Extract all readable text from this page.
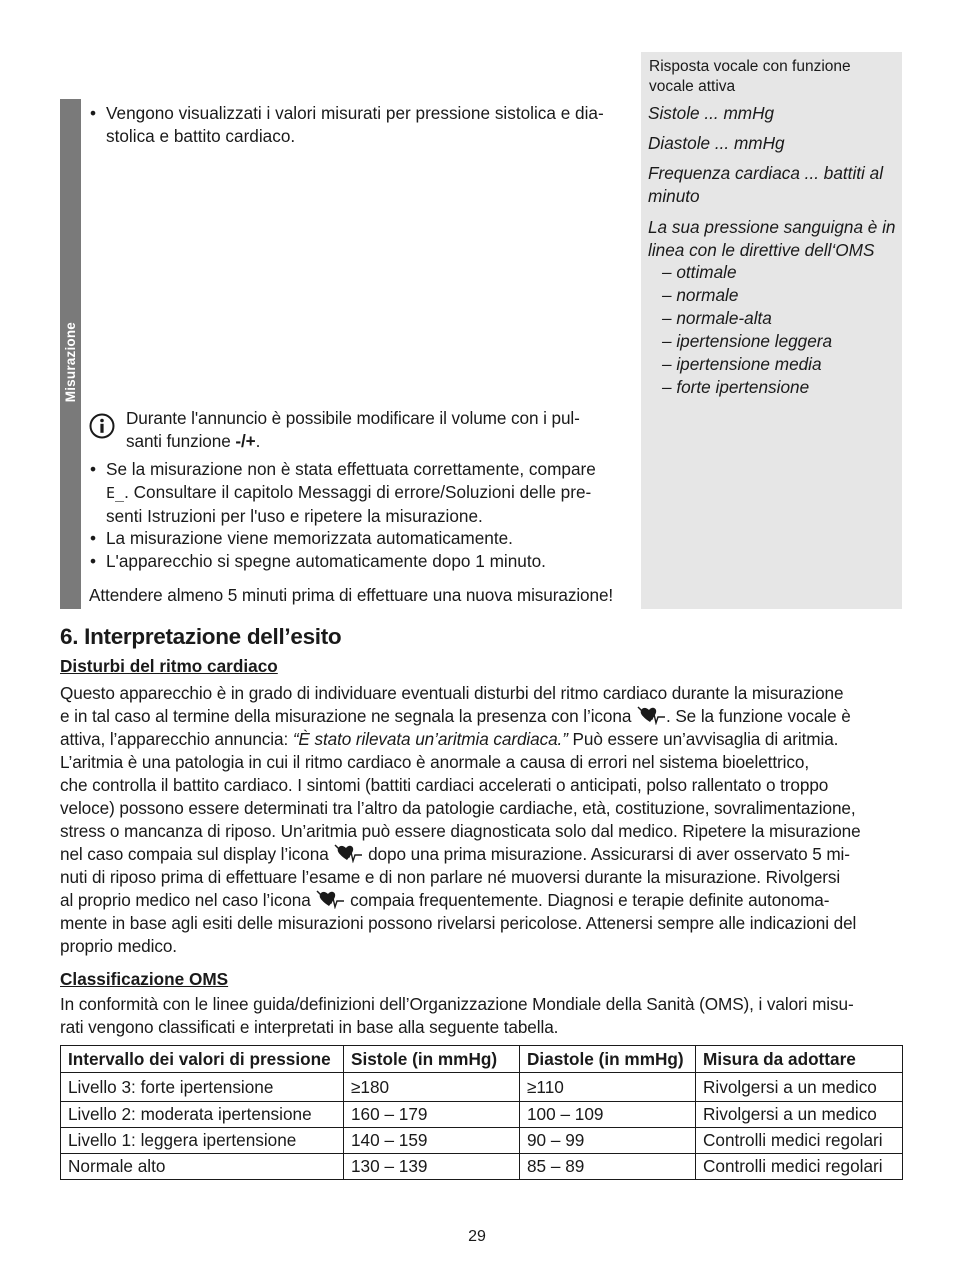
Misurazione
Risposta vocale con funzione
vocale attiva
Sistole ... mmHg
Diastole ... mmHg
Frequenza cardiaca ... battiti al
minuto
La sua pressione sanguigna è in
linea con le direttive dell‘OMS
– ottimale
– normale
– normale-alta
– ipertensione leggera
– ipertensione media
– forte ipertensione
• Vengono visualizzati i valori misurati per pressione sistolica e dia-
stolica e battito cardiaco.
Durante l'annuncio è possibile modificare il volume con i pul-
santi funzione -/+.
• Se la misurazione non è stata effettuata correttamente, compare
E_. Consultare il capitolo Messaggi di errore/Soluzioni delle pre-
senti Istruzioni per l'uso e ripetere la misurazione.
• La misurazione viene memorizzata automaticamente.
• L'apparecchio si spegne automaticamente dopo 1 minuto.
Attendere almeno 5 minuti prima di effettuare una nuova misurazione!
6. Interpretazione dell’esito
Disturbi del ritmo cardiaco
Questo apparecchio è in grado di individuare eventuali disturbi del ritmo cardiaco durante la misurazione
e in tal caso al termine della misurazione ne segnala la presenza con l’icona . Se la funzione vocale è
attiva, l’apparecchio annuncia: “È stato rilevata un’aritmia cardiaca.” Può essere un’avvisaglia di aritmia.
L’aritmia è una patologia in cui il ritmo cardiaco è anormale a causa di errori nel sistema bioelettrico,
che controlla il battito cardiaco. I sintomi (battiti cardiaci accelerati o anticipati, polso rallentato o troppo
veloce) possono essere determinati tra l’altro da patologie cardiache, età, costituzione, sovralimentazione,
stress o mancanza di riposo. Un’aritmia può essere diagnosticata solo dal medico. Ripetere la misurazione
nel caso compaia sul display l’icona dopo una prima misurazione. Assicurarsi di aver osservato 5 mi-
nuti di riposo prima di effettuare l’esame e di non parlare né muoversi durante la misurazione. Rivolgersi
al proprio medico nel caso l’icona compaia frequentemente. Diagnosi e terapie definite autonoma-
mente in base agli esiti delle misurazioni possono rivelarsi pericolose. Attenersi sempre alle indicazioni del
proprio medico.
Classificazione OMS
In conformità con le linee guida/definizioni dell’Organizzazione Mondiale della Sanità (OMS), i valori misu-
rati vengono classificati e interpretati in base alla seguente tabella.
Intervallo dei valori di pressione	Sistole (in mmHg)	Diastole (in mmHg)	Misura da adottare
Livello 3: forte ipertensione	≥180	≥110	Rivolgersi a un medico
Livello 2: moderata ipertensione	160 – 179	100 – 109	Rivolgersi a un medico
Livello 1: leggera ipertensione	140 – 159	90 – 99	Controlli medici regolari
Normale alto	130 – 139	85 – 89	Controlli medici regolari
29
